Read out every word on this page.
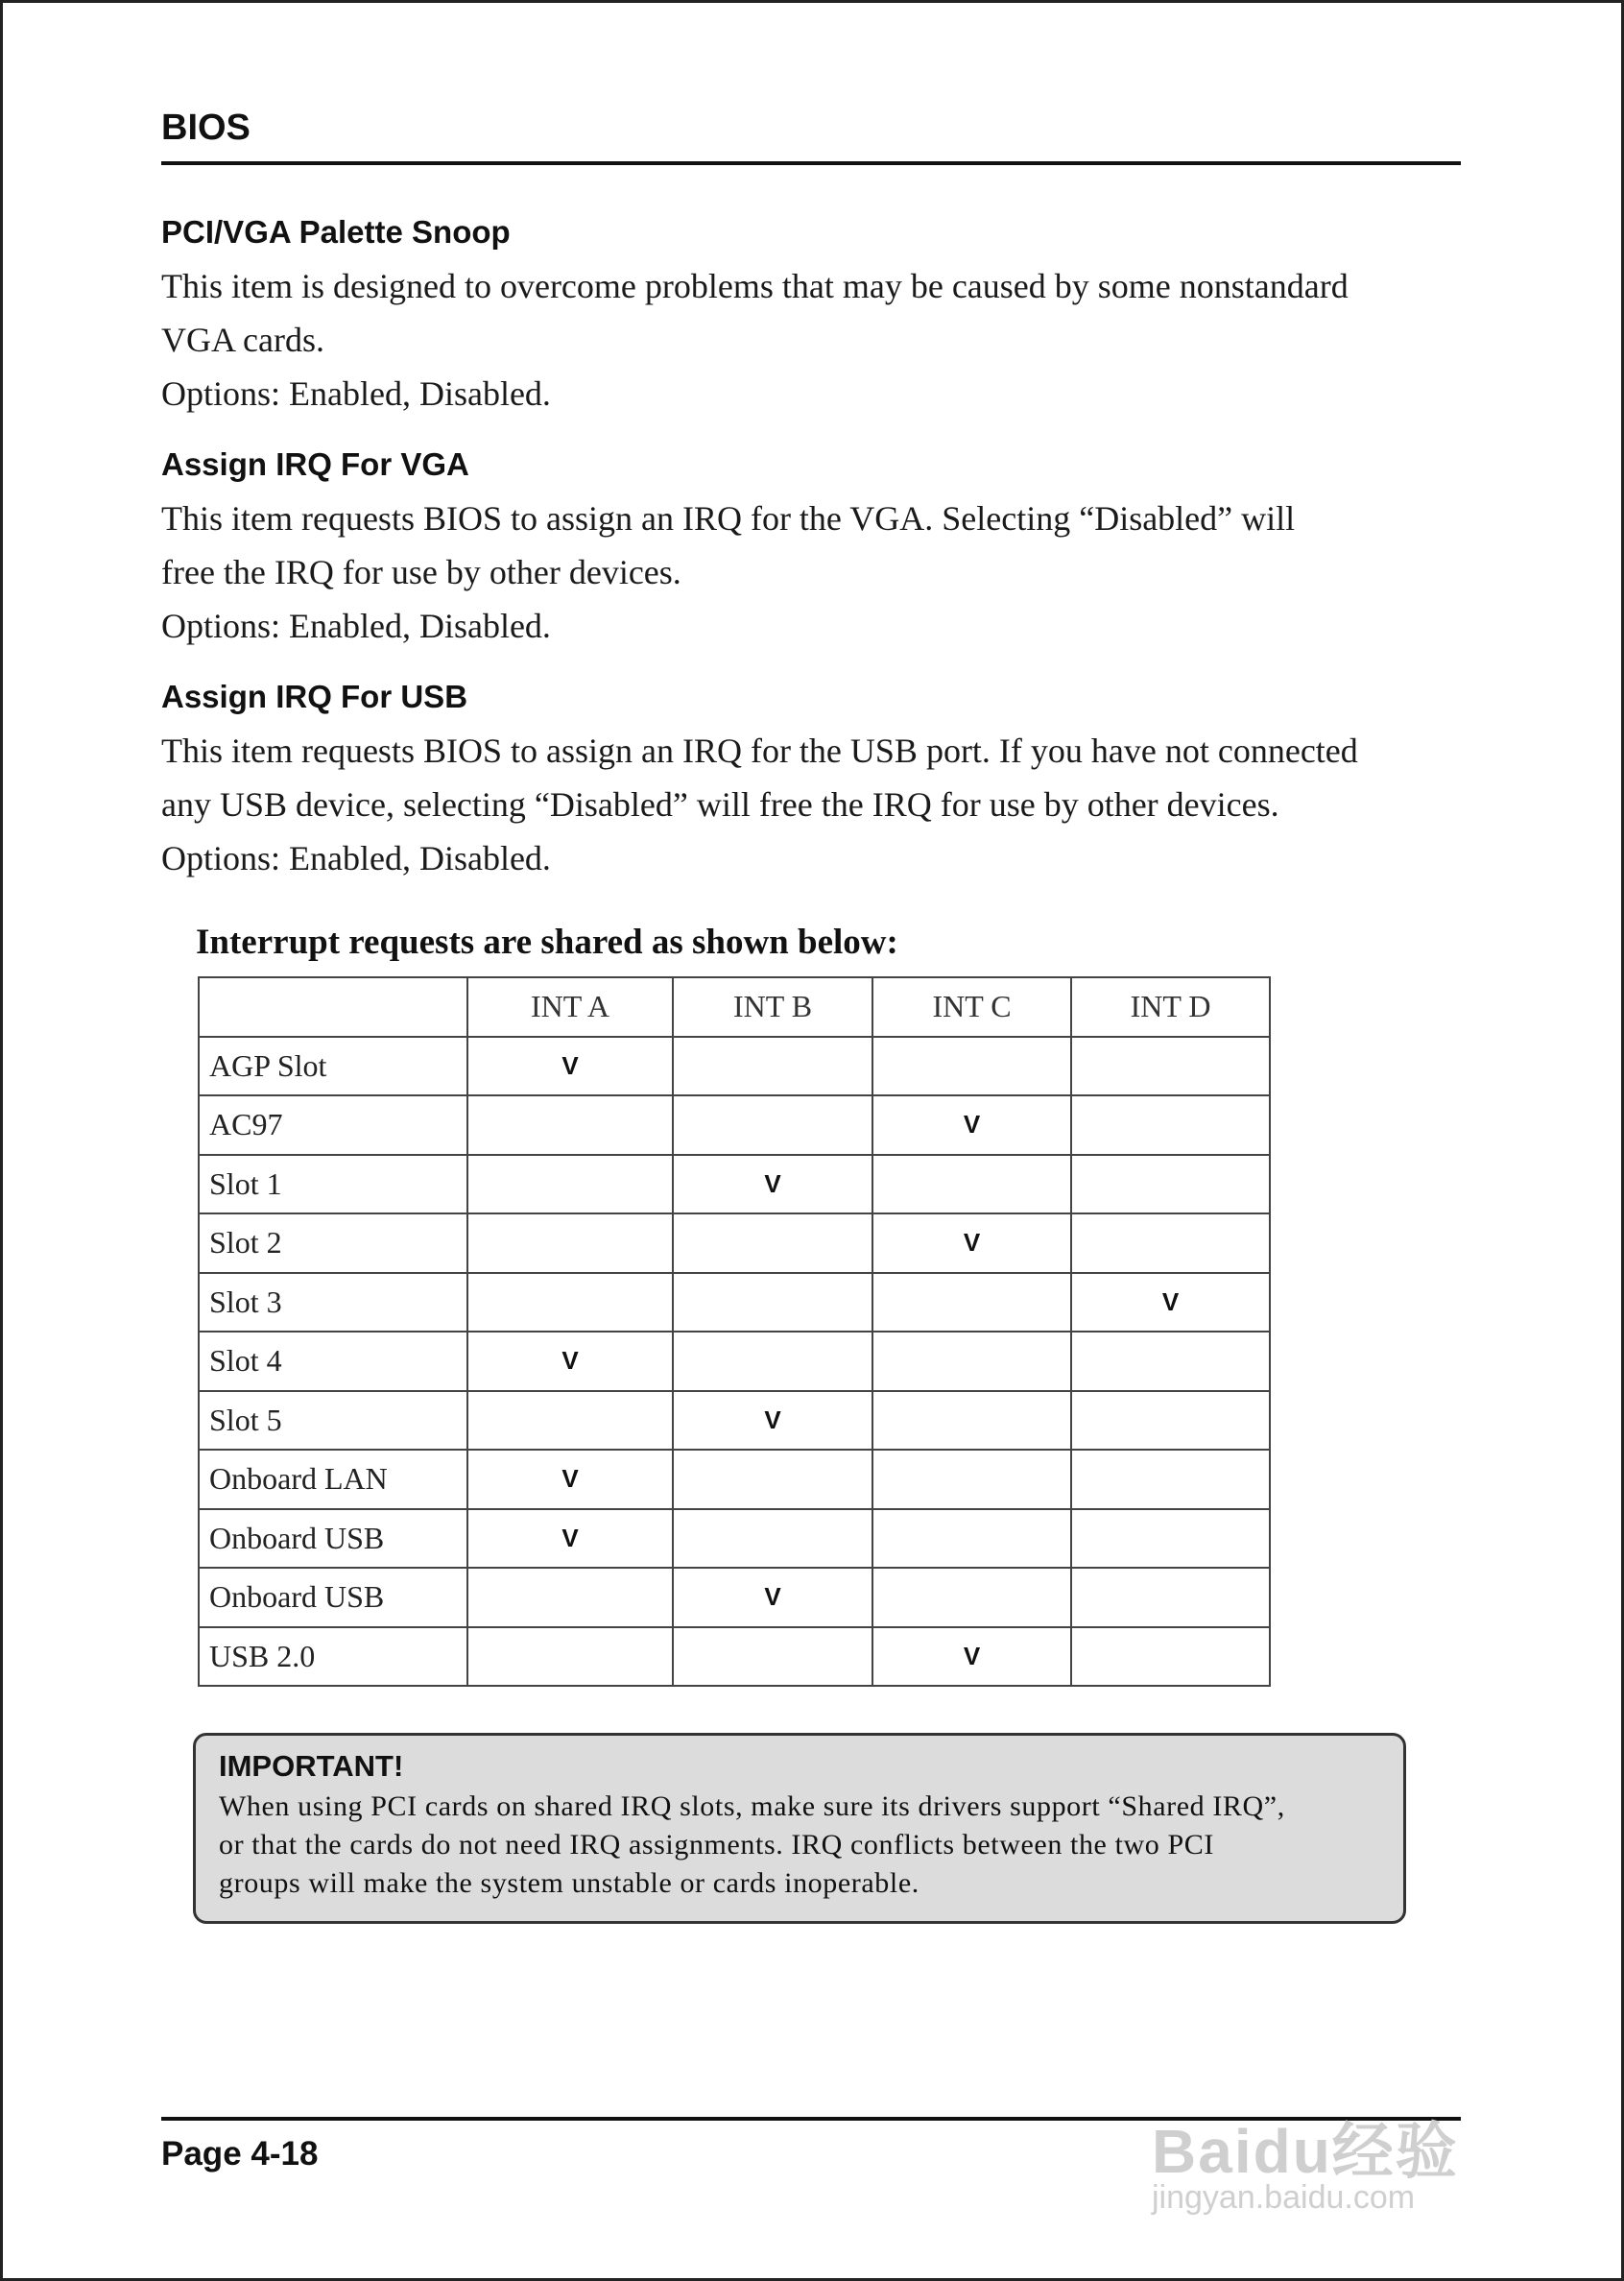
BIOS
PCI/VGA Palette Snoop
This item is designed to overcome problems that may be caused by some nonstandard
VGA cards.
Options: Enabled, Disabled.
Assign IRQ For VGA
This item requests BIOS to assign an IRQ for the VGA. Selecting “Disabled” will
free the IRQ for use by other devices.
Options: Enabled, Disabled.
Assign IRQ For USB
This item requests BIOS to assign an IRQ for the USB port. If you have not connected
any USB device, selecting “Disabled” will free the IRQ for use by other devices.
Options: Enabled, Disabled.
Interrupt requests are shared as shown below:
	INT A	INT B	INT C	INT D
AGP Slot	V			
AC97			V	
Slot 1		V		
Slot 2			V	
Slot 3				V
Slot 4	V			
Slot 5		V		
Onboard LAN	V			
Onboard USB	V			
Onboard USB		V		
USB 2.0			V	
IMPORTANT!
When using PCI cards on shared IRQ slots, make sure its drivers support “Shared IRQ”,
or that the cards do not need IRQ assignments. IRQ conflicts between the two PCI
groups will make the system unstable or cards inoperable.
Page 4-18	Baidu经验
jingyan.baidu.com
